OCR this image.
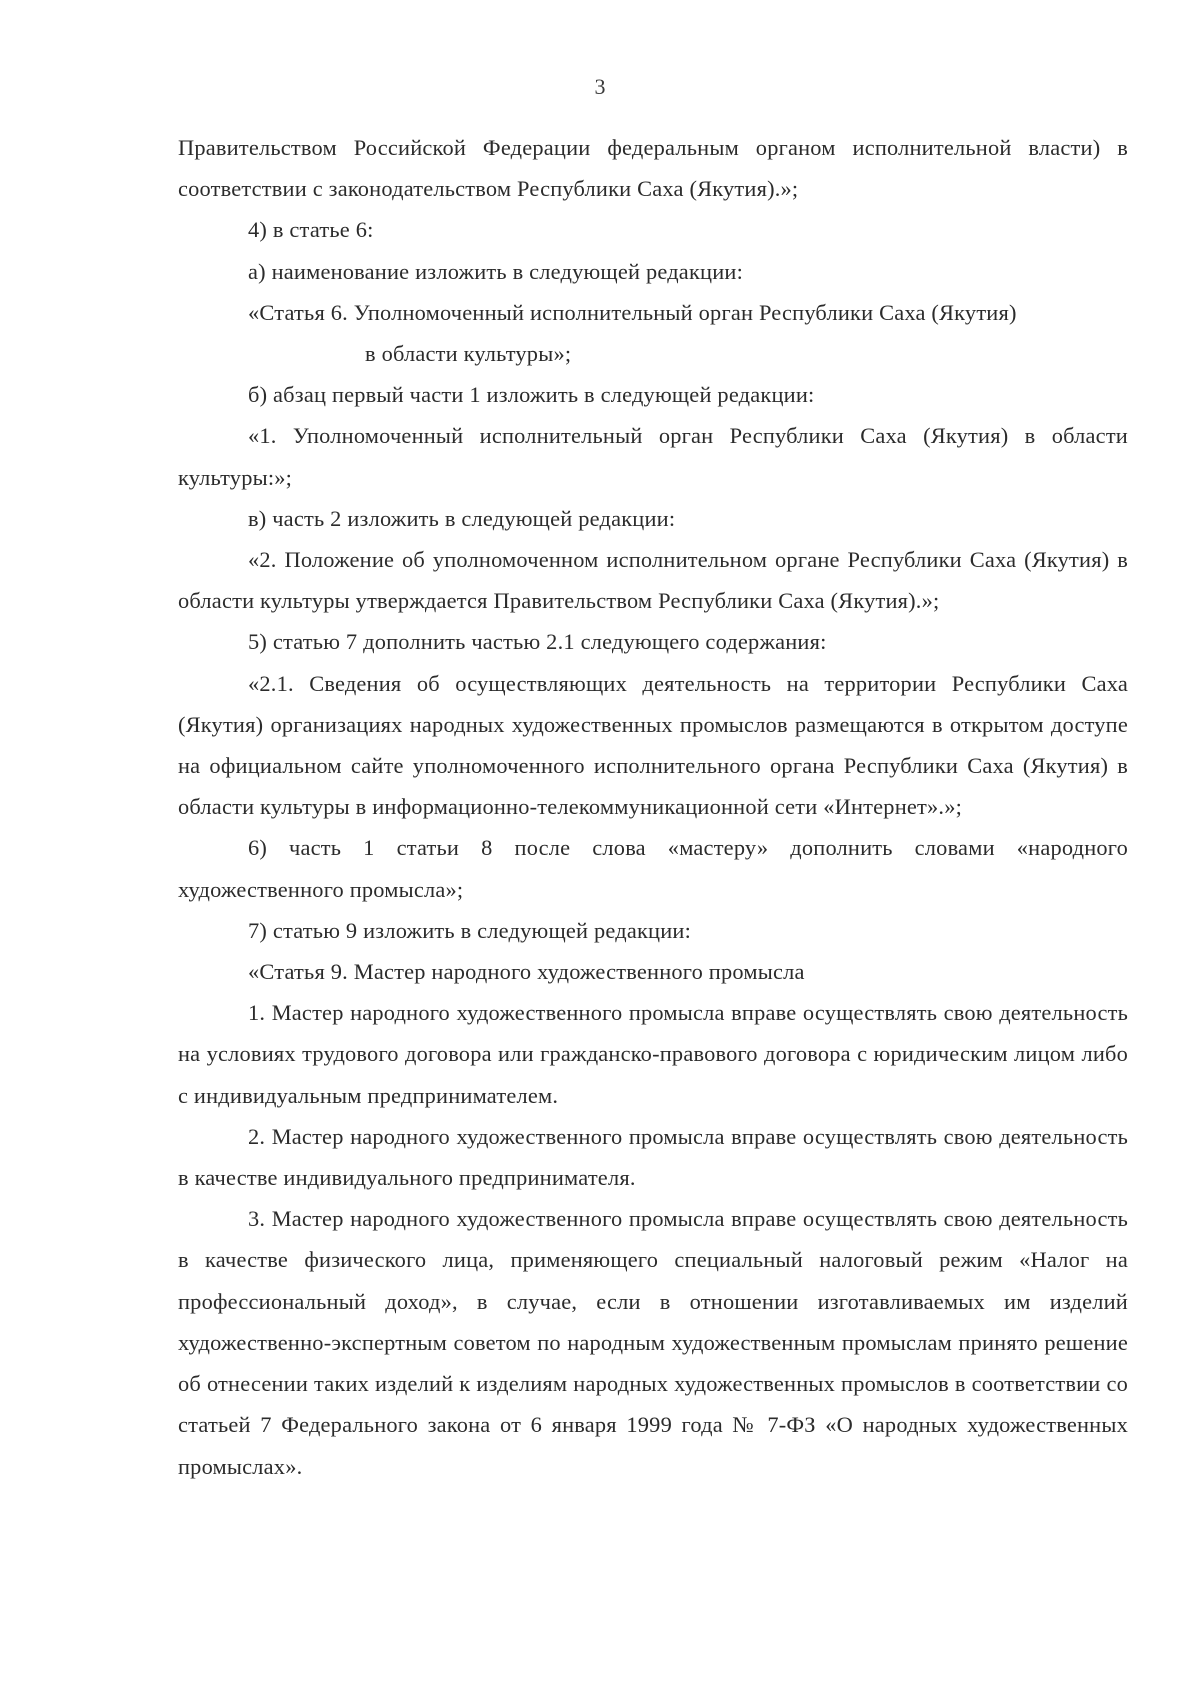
3

Правительством Российской Федерации федеральным органом исполнительной власти) в соответствии с законодательством Республики Саха (Якутия).»;

4) в статье 6:

а) наименование изложить в следующей редакции:

«Статья 6. Уполномоченный исполнительный орган Республики Саха (Якутия)

в области культуры»;

б) абзац первый части 1 изложить в следующей редакции:

«1. Уполномоченный исполнительный орган Республики Саха (Якутия) в области культуры:»;

в) часть 2 изложить в следующей редакции:

«2. Положение об уполномоченном исполнительном органе Республики Саха (Якутия) в области культуры утверждается Правительством Республики Саха (Якутия).»;

5) статью 7 дополнить частью 2.1 следующего содержания:

«2.1. Сведения об осуществляющих деятельность на территории Республики Саха (Якутия) организациях народных художественных промыслов размещаются в открытом доступе на официальном сайте уполномоченного исполнительного органа Республики Саха (Якутия) в области культуры в информационно-телекоммуникационной сети «Интернет».»;

6) часть 1 статьи 8 после слова «мастеру» дополнить словами «народного художественного промысла»;

7) статью 9 изложить в следующей редакции:

«Статья 9. Мастер народного художественного промысла

1. Мастер народного художественного промысла вправе осуществлять свою деятельность на условиях трудового договора или гражданско-правового договора с юридическим лицом либо с индивидуальным предпринимателем.

2. Мастер народного художественного промысла вправе осуществлять свою деятельность в качестве индивидуального предпринимателя.

3. Мастер народного художественного промысла вправе осуществлять свою деятельность в качестве физического лица, применяющего специальный налоговый режим «Налог на профессиональный доход», в случае, если в отношении изготавливаемых им изделий художественно-экспертным советом по народным художественным промыслам принято решение об отнесении таких изделий к изделиям народных художественных промыслов в соответствии со статьей 7 Федерального закона от 6 января 1999 года № 7-ФЗ «О народных художественных промыслах».
